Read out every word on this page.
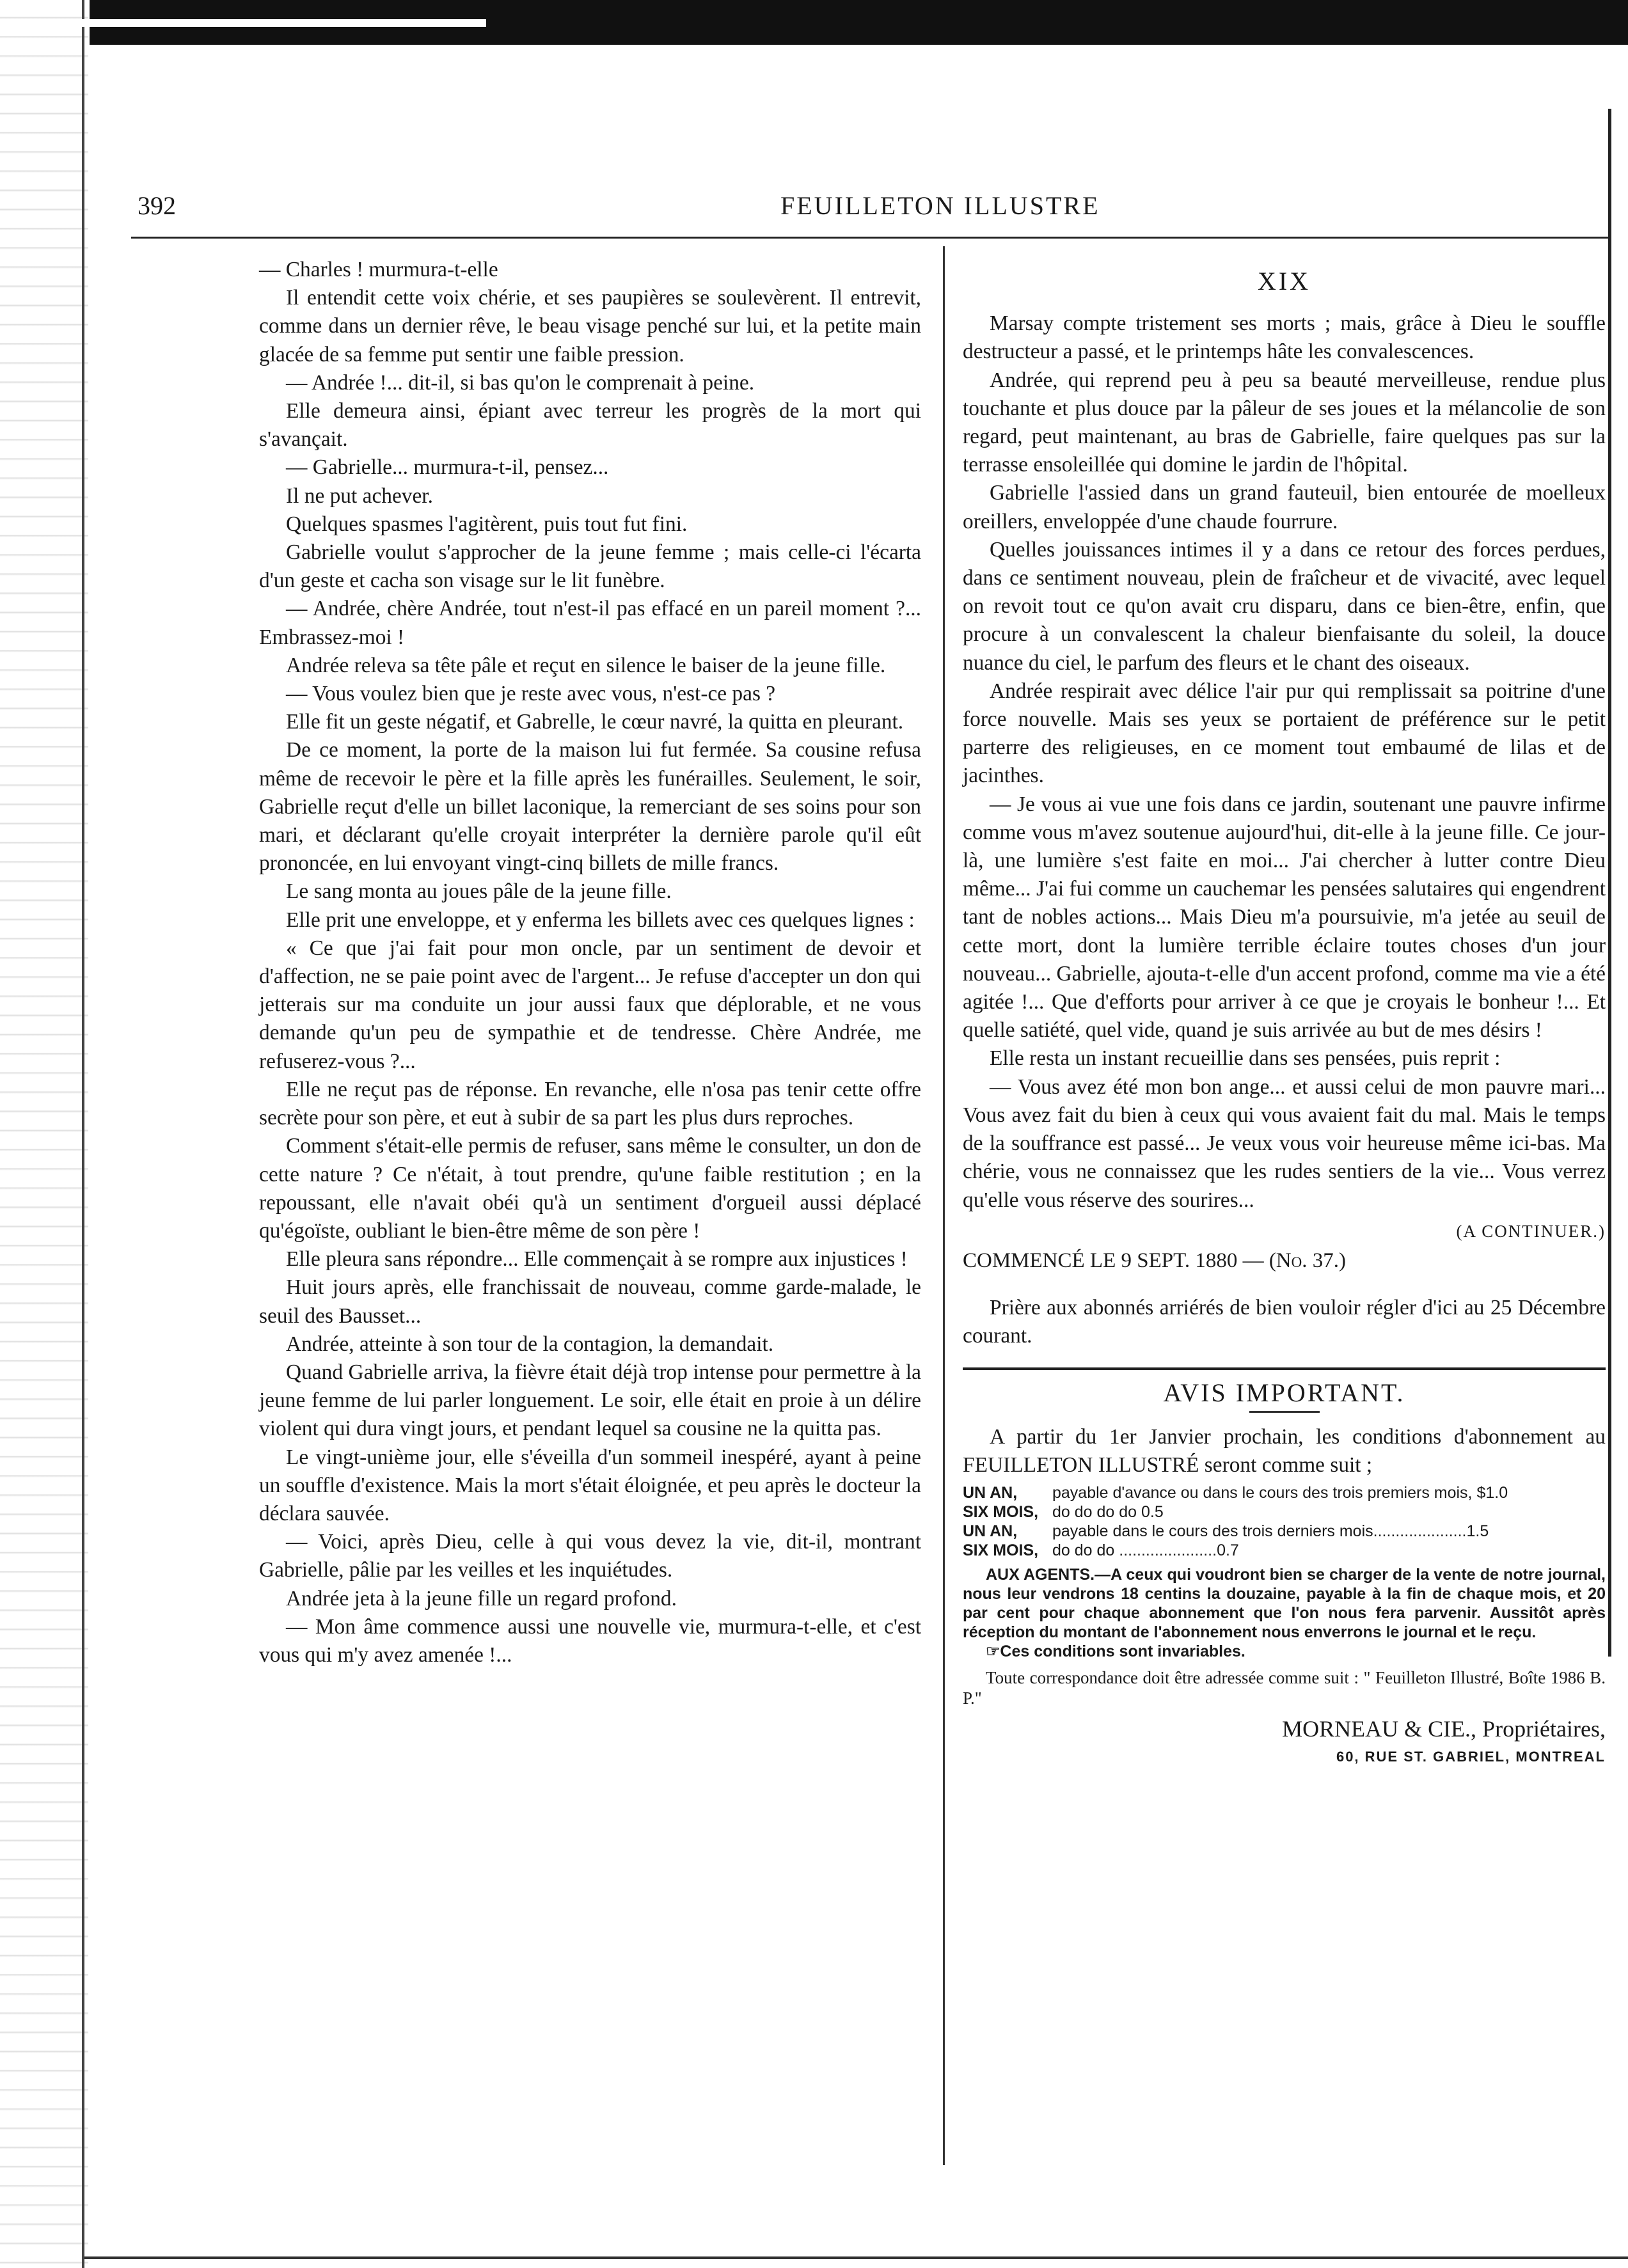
392	FEUILLETON ILLUSTRE

— Charles ! murmura-t-elle

Il entendit cette voix chérie, et ses paupières se soulevèrent. Il entrevit, comme dans un dernier rêve, le beau visage penché sur lui, et la petite main glacée de sa femme put sentir une faible pression.

— Andrée !... dit-il, si bas qu'on le comprenait à peine.

Elle demeura ainsi, épiant avec terreur les progrès de la mort qui s'avançait.

— Gabrielle... murmura-t-il, pensez...

Il ne put achever.

Quelques spasmes l'agitèrent, puis tout fut fini.

Gabrielle voulut s'approcher de la jeune femme ; mais celle-ci l'écarta d'un geste et cacha son visage sur le lit funèbre.

— Andrée, chère Andrée, tout n'est-il pas effacé en un pareil moment ?... Embrassez-moi !

Andrée releva sa tête pâle et reçut en silence le baiser de la jeune fille.

— Vous voulez bien que je reste avec vous, n'est-ce pas ?

Elle fit un geste négatif, et Gabrelle, le cœur navré, la quitta en pleurant.

De ce moment, la porte de la maison lui fut fermée. Sa cousine refusa même de recevoir le père et la fille après les funérailles. Seulement, le soir, Gabrielle reçut d'elle un billet laconique, la remerciant de ses soins pour son mari, et déclarant qu'elle croyait interpréter la dernière parole qu'il eût prononcée, en lui envoyant vingt-cinq billets de mille francs.

Le sang monta au joues pâle de la jeune fille.

Elle prit une enveloppe, et y enferma les billets avec ces quelques lignes :

« Ce que j'ai fait pour mon oncle, par un sentiment de devoir et d'affection, ne se paie point avec de l'argent... Je refuse d'accepter un don qui jetterais sur ma conduite un jour aussi faux que déplorable, et ne vous demande qu'un peu de sympathie et de tendresse. Chère Andrée, me refuserez-vous ?...

Elle ne reçut pas de réponse. En revanche, elle n'osa pas tenir cette offre secrète pour son père, et eut à subir de sa part les plus durs reproches.

Comment s'était-elle permis de refuser, sans même le consulter, un don de cette nature ? Ce n'était, à tout prendre, qu'une faible restitution ; en la repoussant, elle n'avait obéi qu'à un sentiment d'orgueil aussi déplacé qu'égoïste, oubliant le bien-être même de son père !

Elle pleura sans répondre... Elle commençait à se rompre aux injustices !

Huit jours après, elle franchissait de nouveau, comme garde-malade, le seuil des Bausset...

Andrée, atteinte à son tour de la contagion, la demandait.

Quand Gabrielle arriva, la fièvre était déjà trop intense pour permettre à la jeune femme de lui parler longuement. Le soir, elle était en proie à un délire violent qui dura vingt jours, et pendant lequel sa cousine ne la quitta pas.

Le vingt-unième jour, elle s'éveilla d'un sommeil inespéré, ayant à peine un souffle d'existence. Mais la mort s'était éloignée, et peu après le docteur la déclara sauvée.

— Voici, après Dieu, celle à qui vous devez la vie, dit-il, montrant Gabrielle, pâlie par les veilles et les inquiétudes.

Andrée jeta à la jeune fille un regard profond.

— Mon âme commence aussi une nouvelle vie, murmura-t-elle, et c'est vous qui m'y avez amenée !...

XIX

Marsay compte tristement ses morts ; mais, grâce à Dieu le souffle destructeur a passé, et le printemps hâte les convalescences.

Andrée, qui reprend peu à peu sa beauté merveilleuse, rendue plus touchante et plus douce par la pâleur de ses joues et la mélancolie de son regard, peut maintenant, au bras de Gabrielle, faire quelques pas sur la terrasse ensoleillée qui domine le jardin de l'hôpital.

Gabrielle l'assied dans un grand fauteuil, bien entourée de moelleux oreillers, enveloppée d'une chaude fourrure.

Quelles jouissances intimes il y a dans ce retour des forces perdues, dans ce sentiment nouveau, plein de fraîcheur et de vivacité, avec lequel on revoit tout ce qu'on avait cru disparu, dans ce bien-être, enfin, que procure à un convalescent la chaleur bienfaisante du soleil, la douce nuance du ciel, le parfum des fleurs et le chant des oiseaux.

Andrée respirait avec délice l'air pur qui remplissait sa poitrine d'une force nouvelle. Mais ses yeux se portaient de préférence sur le petit parterre des religieuses, en ce moment tout embaumé de lilas et de jacinthes.

— Je vous ai vue une fois dans ce jardin, soutenant une pauvre infirme comme vous m'avez soutenue aujourd'hui, dit-elle à la jeune fille. Ce jour-là, une lumière s'est faite en moi... J'ai chercher à lutter contre Dieu même... J'ai fui comme un cauchemar les pensées salutaires qui engendrent tant de nobles actions... Mais Dieu m'a poursuivie, m'a jetée au seuil de cette mort, dont la lumière terrible éclaire toutes choses d'un jour nouveau... Gabrielle, ajouta-t-elle d'un accent profond, comme ma vie a été agitée !... Que d'efforts pour arriver à ce que je croyais le bonheur !... Et quelle satiété, quel vide, quand je suis arrivée au but de mes désirs !

Elle resta un instant recueillie dans ses pensées, puis reprit :

— Vous avez été mon bon ange... et aussi celui de mon pauvre mari... Vous avez fait du bien à ceux qui vous avaient fait du mal. Mais le temps de la souffrance est passé... Je veux vous voir heureuse même ici-bas. Ma chérie, vous ne connaissez que les rudes sentiers de la vie... Vous verrez qu'elle vous réserve des sourires...

(A CONTINUER.)
COMMENCÉ LE 9 SEPT. 1880 — (No. 37.)

Prière aux abonnés arriérés de bien vouloir régler d'ici au 25 Décembre courant.

AVIS IMPORTANT.

A partir du 1er Janvier prochain, les conditions d'abonnement au FEUILLETON ILLUSTRÉ seront comme suit ;

UN AN,	payable d'avance ou dans le cours des trois premiers mois, $1.0
SIX MOIS, do do do do 0.5
UN AN,	payable dans le cours des trois derniers mois.....................1.5
SIX MOIS, do do do ......................0.7

AUX AGENTS.—A ceux qui voudront bien se charger de la vente de notre journal, nous leur vendrons 18 centins la douzaine, payable à la fin de chaque mois, et 20 par cent pour chaque abonnement que l'on nous fera parvenir. Aussitôt après réception du montant de l'abonnement nous enverrons le journal et le reçu.

☞Ces conditions sont invariables.

Toute correspondance doit être adressée comme suit : " Feuilleton Illustré, Boîte 1986 B. P."

MORNEAU & CIE., Propriétaires,
60, RUE ST. GABRIEL, MONTREAL
